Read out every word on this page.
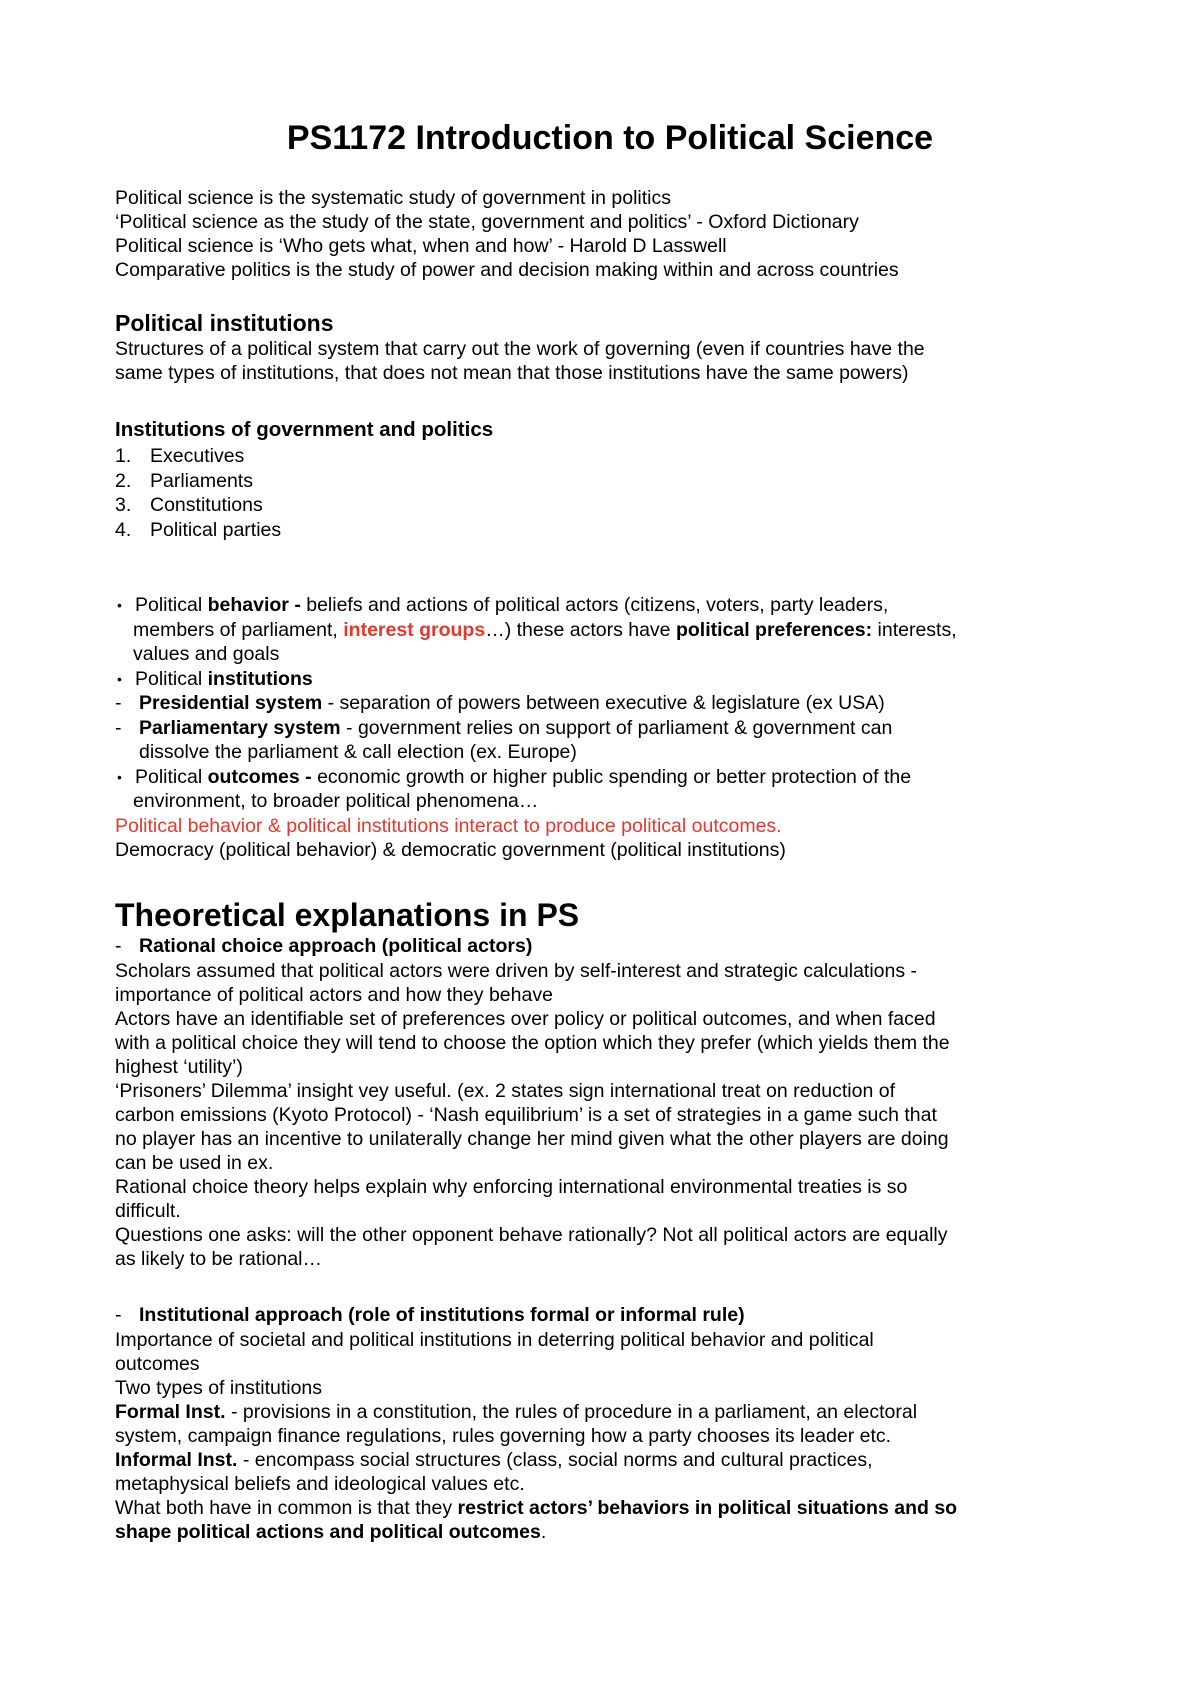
PS1172 Introduction to Political Science
Political science is the systematic study of government in politics
‘Political science as the study of the state, government and politics’ - Oxford Dictionary
Political science is ‘Who gets what, when and how’ - Harold D Lasswell
Comparative politics is the study of power and decision making within and across countries
Political institutions
Structures of a political system that carry out the work of governing (even if countries have the
same types of institutions, that does not mean that those institutions have the same powers)
Institutions of government and politics
1. Executives
2. Parliaments
3. Constitutions
4. Political parties
• Political behavior - beliefs and actions of political actors (citizens, voters, party leaders,
members of parliament, interest groups…) these actors have political preferences: interests,
values and goals
• Political institutions
- Presidential system - separation of powers between executive & legislature (ex USA)
- Parliamentary system - government relies on support of parliament & government can
dissolve the parliament & call election (ex. Europe)
• Political outcomes - economic growth or higher public spending or better protection of the
environment, to broader political phenomena…
Political behavior & political institutions interact to produce political outcomes.
Democracy (political behavior) & democratic government (political institutions)
Theoretical explanations in PS
- Rational choice approach (political actors)
Scholars assumed that political actors were driven by self-interest and strategic calculations -
importance of political actors and how they behave
Actors have an identifiable set of preferences over policy or political outcomes, and when faced
with a political choice they will tend to choose the option which they prefer (which yields them the
highest ‘utility’)
‘Prisoners’ Dilemma’ insight vey useful. (ex. 2 states sign international treat on reduction of
carbon emissions (Kyoto Protocol) - ‘Nash equilibrium’ is a set of strategies in a game such that
no player has an incentive to unilaterally change her mind given what the other players are doing
can be used in ex.
Rational choice theory helps explain why enforcing international environmental treaties is so
difficult.
Questions one asks: will the other opponent behave rationally? Not all political actors are equally
as likely to be rational…
- Institutional approach (role of institutions formal or informal rule)
Importance of societal and political institutions in deterring political behavior and political
outcomes
Two types of institutions
Formal Inst. - provisions in a constitution, the rules of procedure in a parliament, an electoral
system, campaign finance regulations, rules governing how a party chooses its leader etc.
Informal Inst. - encompass social structures (class, social norms and cultural practices,
metaphysical beliefs and ideological values etc.
What both have in common is that they restrict actors’ behaviors in political situations and so
shape political actions and political outcomes.
